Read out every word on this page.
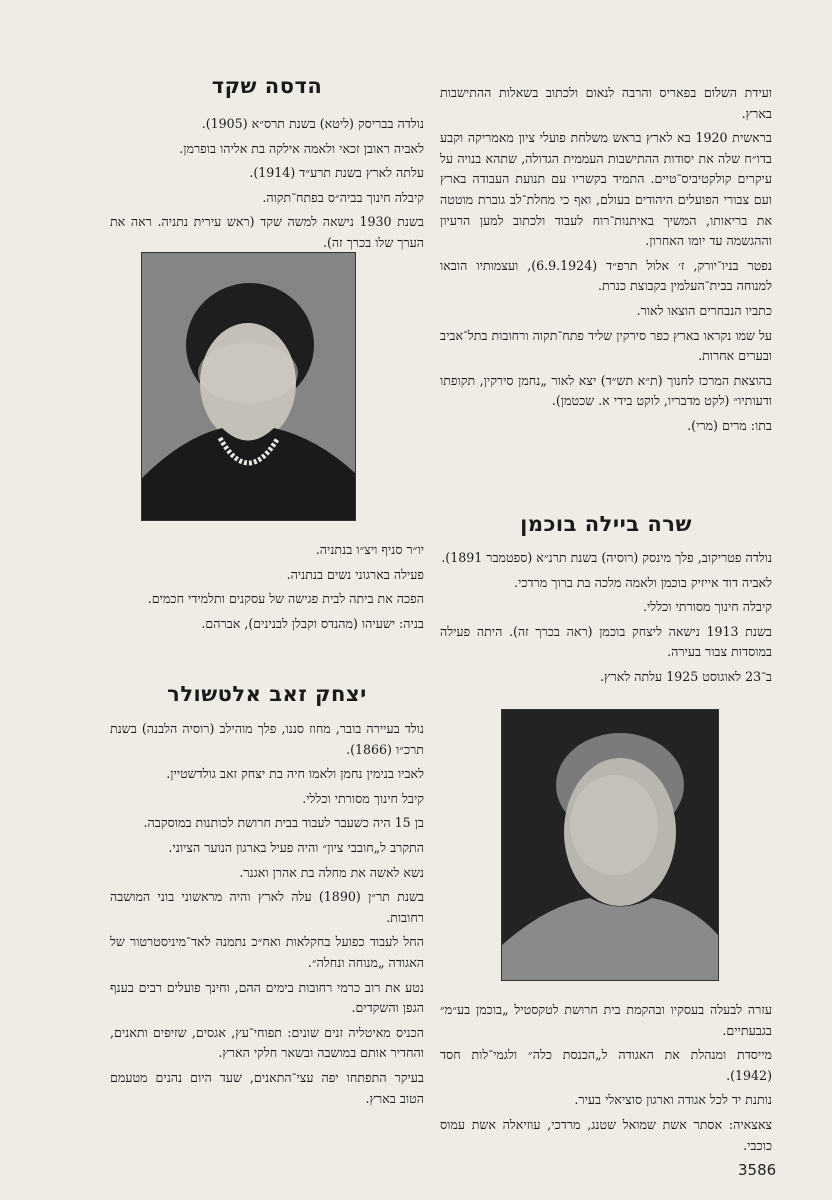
ועידת השלום בפאריס והרבה לנאום ולכתוב בשאלות ההתישבות בארץ.

בראשית 1920 בא לארץ בראש משלחת פועלי ציון מאמריקה וקבע בדו״ח שלה את יסודות ההתישבות העממית הגדולה, שתהא בנויה על עיקרים קולקטיביס־טיים. התמיד בקשריו עם תנועת העבודה בארץ ועם צבורי הפועלים היהודים בעולם, ואף כי מחלת־לב גוברת מוטטה את בריאותו, המשיך באיתנות־רוח לעבוד ולכתוב למען הרעיון וההגשמה עד יומו האחרון.

נפטר בניו־יורק, ז׳ אלול תרפ״ד (6.9.1924), ועצמותיו הובאו למנוחה בבית־העלמין בקבוצת כנרת.

כתביו הנבחרים הוצאו לאור.

על שמו נקראו בארץ כפר סירקין שליד פתח־תקוה ורחובות בתל־אביב ובערים אחרות.

בהוצאת המרכז לחנוך (ת״א תש״ד) יצא לאור „נחמן סירקין, תקופתו ודעותיו״ (לקט מדבריו, לוקט בידי א. שכטמן).

בתו: מרים (מרי).

הדסה שקד

נולדה בבריסק (ליטא) בשנת תרס״א (1905).

לאביה ראובן זכאי ולאמה אילקה בת אליהו בופרמן.

עלתה לארץ בשנת תרע״ד (1914).

קיבלה חינוך בביה״ס בפתח־תקוה.

בשנת 1930 נישאה למשה שקד (ראש עירית נתניה. ראה את הערך שלו בכרך זה).

יו״ר סניף ויצ״ו בנתניה.

פעילה בארגוני נשים בנתניה.

הפכה את ביתה לבית פגישה של עסקנים ותלמידי חכמים.

בניה: ישעיהו (מהנדס וקבלן לבנינים), אברהם.

יצחק זאב אלטשולר

נולד בעיירה בובר, מחוז סננו, פלך מוהילב (רוסיה הלבנה) בשנת תרכ״ו (1866).

לאביו בנימין נחמן ולאמו חיה בת יצחק זאב גולדשטיין.

קיבל חינוך מסורתי וכללי.

בן 15 היה כשעבר לעבוד בבית חרושת לכותנות במוסקבה.

התקרב ל„חובבי ציון״ והיה פעיל בארגון הנוער הציוני.

נשא לאשה את מחלה בת אהרן ואגנר.

בשנת תר״ן (1890) עלה לארץ והיה מראשוני בוני המושבה רחובות.

החל לעבוד כפועל בחקלאות ואח״כ נתמנה לאד־מיניסטרטור של האגודה „מנוחה ונחלה״.

נטע את רוב כרמי רחובות בימים ההם, וחינך פועלים רבים בענף הגפן והשקדים.

הכניס מאיטליה זנים שונים: תפוחי־עץ, אגסים, שזיפים ותאנים, והחדיר אותם במושבה ובשאר חלקי הארץ.

בעיקר התפתחו יפה עצי־התאנים, שעד היום נהנים מטעמם הטוב בארץ.

שרה ביילה בוכמן

נולדה פטריקוב, פלך מינסק (רוסיה) בשנת תרנ״א (ספטמבר 1891).

לאביה דוד אייזיק בוכמן ולאמה מלכה בת ברוך מרדכי.

קיבלה חינוך מסורתי וכללי.

בשנת 1913 נישאה ליצחק בוכמן (ראה בכרך זה). היתה פעילה במוסדות צבור בעירה.

ב־23 לאוגוסט 1925 עלתה לארץ.

עזרה לבעלה בעסקיו ובהקמת בית חרושת לטקסטיל „בוכמן בע״מ״ בגבעתיים.

מייסדת ומנהלת את האגודה ל„הכנסת כלה״ ולגמי־לות חסד (1942).

נותנת יד לכל אגודה וארגון סוציאלי בעיר.

צאצאיה: אסתר אשת שמואל שטנג, מרדכי, עוזיאלה אשת עמוס כוכבי.

3586
